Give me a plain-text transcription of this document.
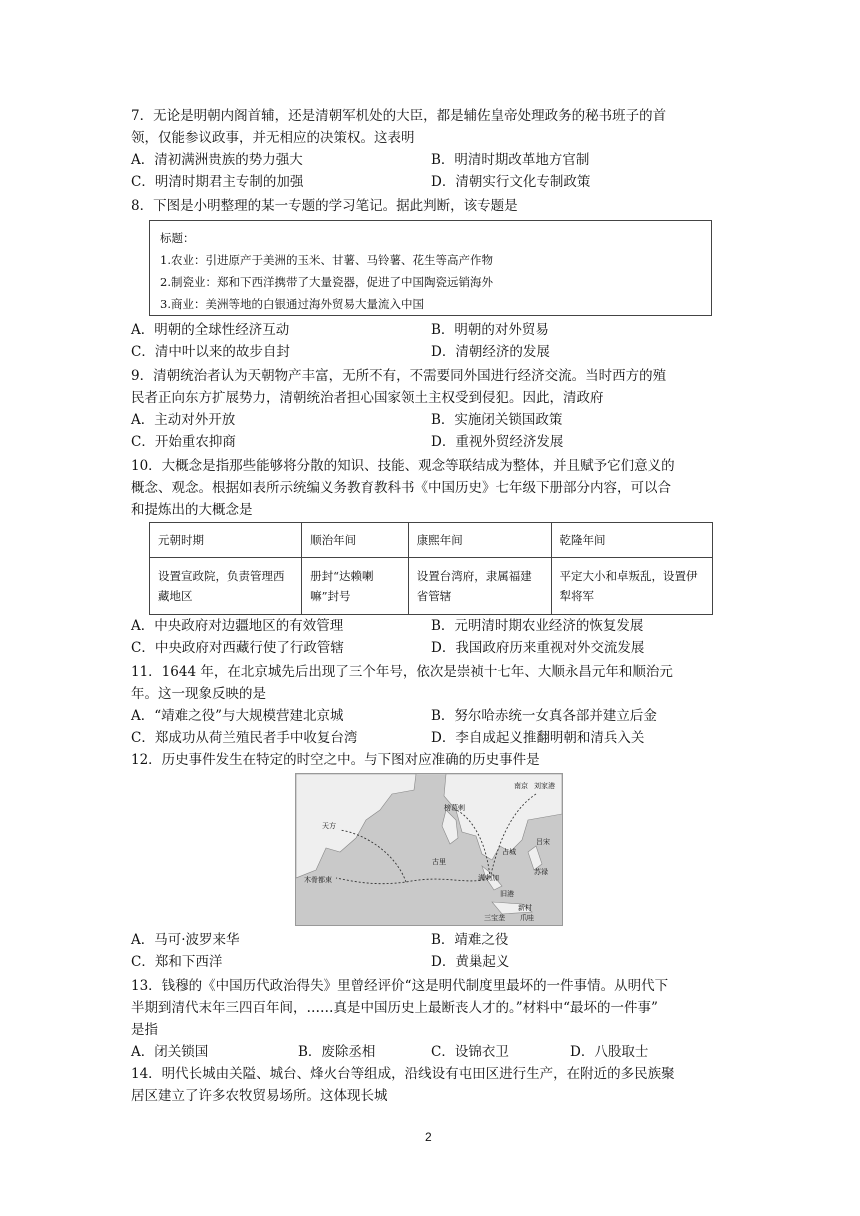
7．无论是明朝内阁首辅，还是清朝军机处的大臣，都是辅佐皇帝处理政务的秘书班子的首
领，仅能参议政事，并无相应的决策权。这表明
A．清初满洲贵族的势力强大	B．明清时期改革地方官制
C．明清时期君主专制的加强	D．清朝实行文化专制政策
8．下图是小明整理的某一专题的学习笔记。据此判断，该专题是
标题：
1.农业：引进原产于美洲的玉米、甘薯、马铃薯、花生等高产作物
2.制瓷业：郑和下西洋携带了大量瓷器，促进了中国陶瓷远销海外
3.商业：美洲等地的白银通过海外贸易大量流入中国
A．明朝的全球性经济互动	B．明朝的对外贸易
C．清中叶以来的故步自封	D．清朝经济的发展
9．清朝统治者认为天朝物产丰富，无所不有，不需要同外国进行经济交流。当时西方的殖
民者正向东方扩展势力，清朝统治者担心国家领土主权受到侵犯。因此，清政府
A．主动对外开放	B．实施闭关锁国政策
C．开始重农抑商	D．重视外贸经济发展
10．大概念是指那些能够将分散的知识、技能、观念等联结成为整体，并且赋予它们意义的
概念、观念。根据如表所示统编义务教育教科书《中国历史》七年级下册部分内容，可以合
和提炼出的大概念是
元朝时期	顺治年间	康熙年间	乾隆年间
设置宣政院，负责管理西藏地区	册封“达赖喇嘛”封号	设置台湾府，隶属福建省管辖	平定大小和卓叛乱，设置伊犁将军
A．中央政府对边疆地区的有效管理	B．元明清时期农业经济的恢复发展
C．中央政府对西藏行使了行政管辖	D．我国政府历来重视对外交流发展
11．1644 年，在北京城先后出现了三个年号，依次是崇祯十七年、大顺永昌元年和顺治元
年。这一现象反映的是
A．“靖难之役”与大规模营建北京城	B．努尔哈赤统一女真各部并建立后金
C．郑成功从荷兰殖民者手中收复台湾	D．李自成起义推翻明朝和清兵入关
12．历史事件发生在特定的时空之中。与下图对应准确的历史事件是
南京 刘家港
天方
榜葛剌
古里
占城
吕宋
木骨都束	满剌加
苏禄
三宝垄
新村
爪哇
旧港
A．马可·波罗来华	B．靖难之役
C．郑和下西洋	D．黄巢起义
13．钱穆的《中国历代政治得失》里曾经评价“这是明代制度里最坏的一件事情。从明代下
半期到清代末年三四百年间，……真是中国历史上最断丧人才的。”材料中“最坏的一件事”
是指
A．闭关锁国	B．废除丞相	C．设锦衣卫	D．八股取士
14．明代长城由关隘、城台、烽火台等组成，沿线设有屯田区进行生产，在附近的多民族聚
居区建立了许多农牧贸易场所。这体现长城
2
